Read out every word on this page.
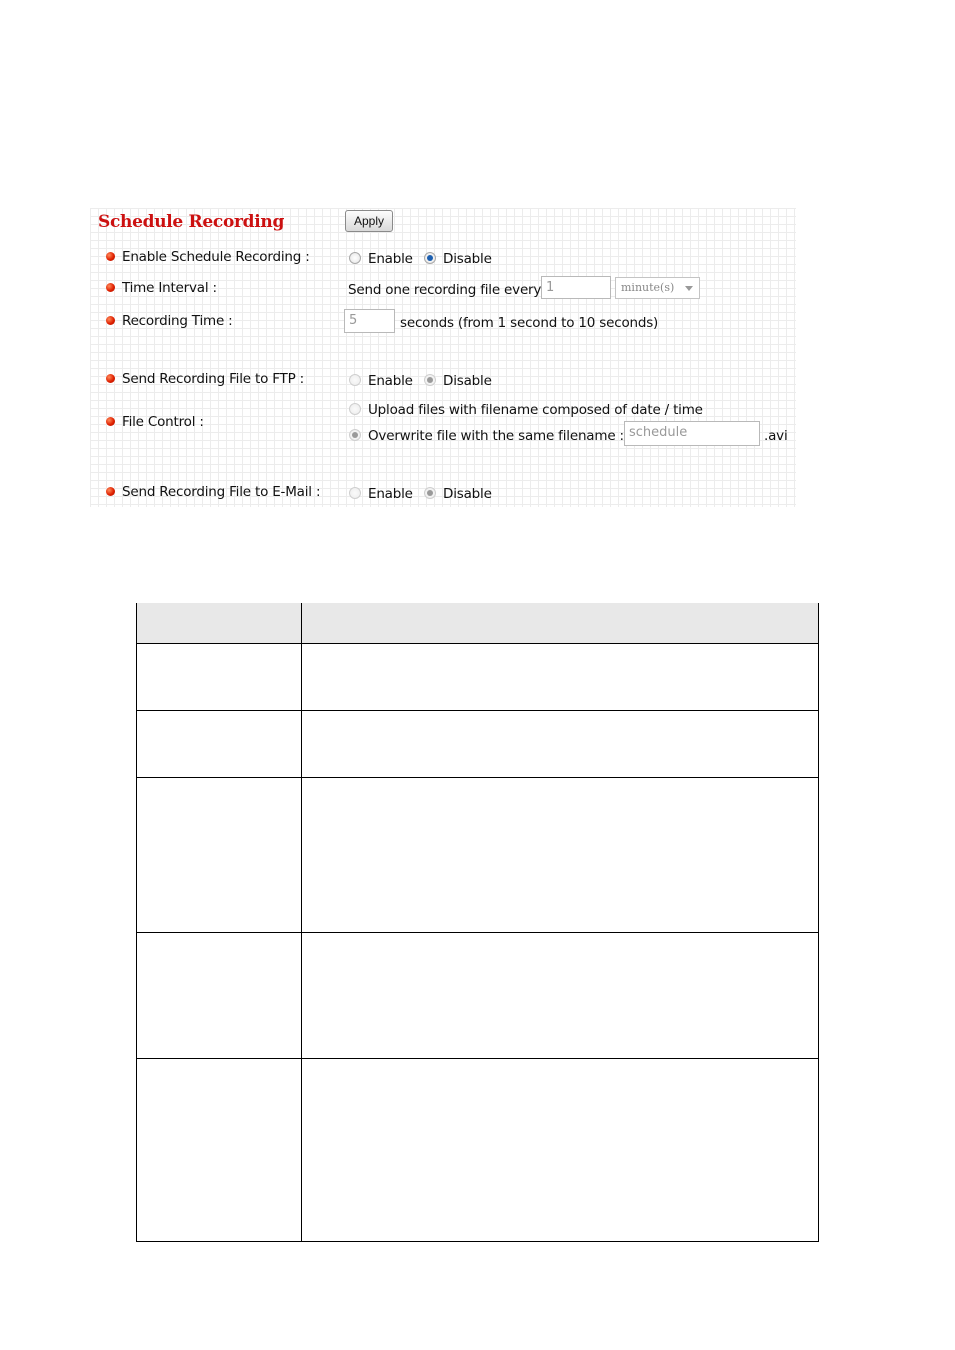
Schedule Recording	Apply
Enable Schedule Recording :	Enable Disable
Time Interval :	Send one recording file every 1	minute(s)
Recording Time :	5	seconds (from 1 second to 10 seconds)
Send Recording File to FTP :	Enable Disable
File Control :
Upload files with filename composed of date / time
Overwrite file with the same filename : schedule	.avi
Send Recording File to E-Mail :	Enable Disable
